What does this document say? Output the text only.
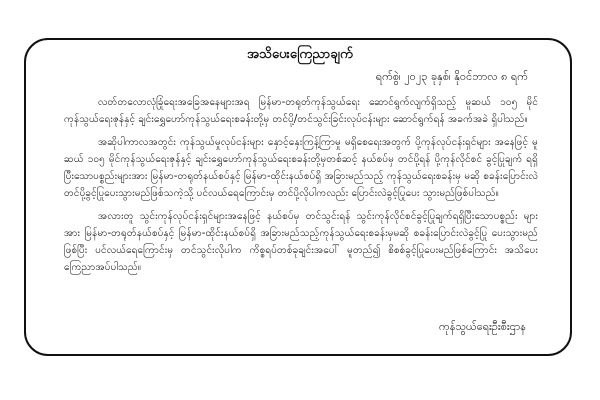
အသိပေးကြေညာချက်
ရက်စွဲ၊ ၂၀၂၃ ခုနှစ်၊ နိုဝင်ဘာလ ၈ ရက်

လတ်တလောလုံခြုံရေးအခြေအနေများအရ မြန်မာ-တရုတ်ကုန်သွယ်ရေး ဆောင်ရွက်လျက်ရှိသည့် မူဆယ် ၁၀၅ မိုင် ကုန်သွယ်ရေးဇုန်နှင့် ချင်းရွှေဟော်ကုန်သွယ်ရေးစခန်းတို့မှ တင်ပို့/တင်သွင်းခြင်းလုပ်ငန်းများ ဆောင်ရွက်ရန် အခက်အခဲ ရှိပါသည်။

အဆိုပါကာလအတွင်း ကုန်သွယ်မှုလုပ်ငန်းများ နှောင့်နှေးကြန့်ကြာမှု မရှိစေရေးအတွက် ပို့ကုန်လုပ်ငန်းရှင်များ အနေဖြင့် မူဆယ် ၁၀၅ မိုင်ကုန်သွယ်ရေးဇုန်နှင့် ချင်းရွှေဟော်ကုန်သွယ်ရေးစခန်းတို့မှတစ်ဆင့် နယ်စပ်မှ တင်ပို့ရန် ပို့ကုန်လိုင်စင် ခွင့်ပြုချက် ရရှိပြီးသောပစ္စည်းများအား မြန်မာ-တရုတ်နယ်စပ်နှင့် မြန်မာ-ထိုင်းနယ်စပ်ရှိ အခြားမည်သည့် ကုန်သွယ်ရေးစခန်းမှ မဆို စခန်းပြောင်းလဲ တင်ပို့ခွင့်ပြုပေးသွားမည်ဖြစ်သကဲ့သို့ ပင်လယ်ရေကြောင်းမှ တင်ပို့လိုပါကလည်း ပြောင်းလဲခွင့်ပြုပေး သွားမည်ဖြစ်ပါသည်။

အလားတူ သွင်းကုန်လုပ်ငန်းရှင်များအနေဖြင့် နယ်စပ်မှ တင်သွင်းရန် သွင်းကုန်လိုင်စင်ခွင့်ပြုချက်ရရှိပြီးသောပစ္စည်း များအား မြန်မာ-တရုတ်နယ်စပ်နှင့် မြန်မာ-ထိုင်းနယ်စပ်ရှိ အခြားမည်သည့်ကုန်သွယ်ရေးစခန်းမှမဆို စခန်းပြောင်းလဲခွင့်ပြု ပေးသွားမည်ဖြစ်ပြီး ပင်လယ်ရေကြောင်းမှ တင်သွင်းလိုပါက ကိစ္စရပ်တစ်ခုချင်းအပေါ် မူတည်၍ စိစစ်ခွင့်ပြုပေးမည်ဖြစ်ကြောင်း အသိပေးကြေညာအပ်ပါသည်။

ကုန်သွယ်ရေးဦးစီးဌာန
